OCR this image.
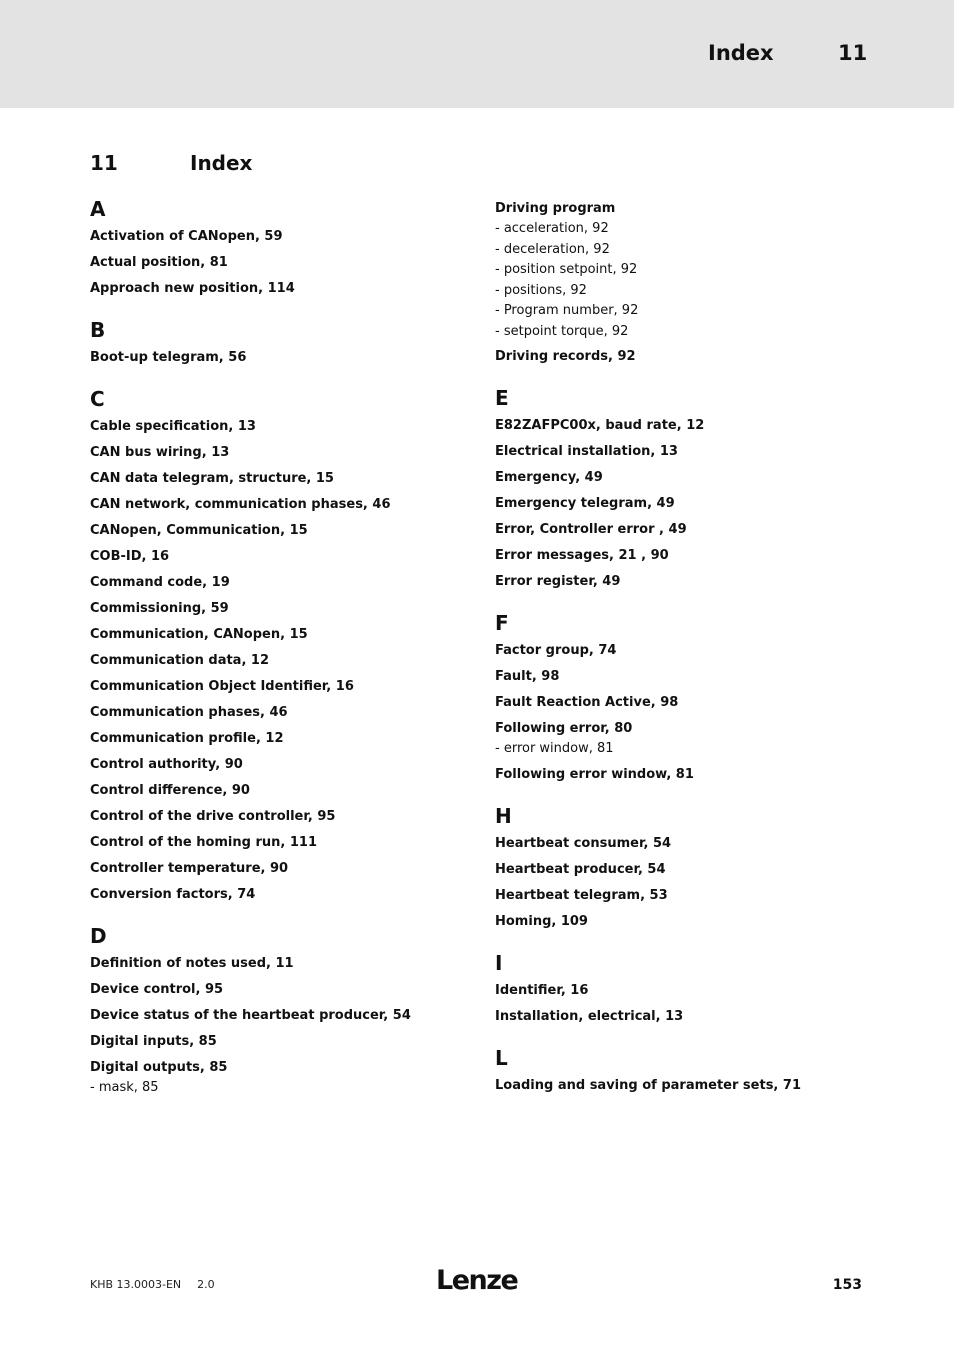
Index	11
11	Index
A
Activation of CANopen, 59
Actual position, 81
Approach new position, 114
B
Boot-up telegram, 56
C
Cable specification, 13
CAN bus wiring, 13
CAN data telegram, structure, 15
CAN network, communication phases, 46
CANopen, Communication, 15
COB-ID, 16
Command code, 19
Commissioning, 59
Communication, CANopen, 15
Communication data, 12
Communication Object Identifier, 16
Communication phases, 46
Communication profile, 12
Control authority, 90
Control difference, 90
Control of the drive controller, 95
Control of the homing run, 111
Controller temperature, 90
Conversion factors, 74
D
Definition of notes used, 11
Device control, 95
Device status of the heartbeat producer, 54
Digital inputs, 85
Digital outputs, 85
- mask, 85
Driving program
- acceleration, 92
- deceleration, 92
- position setpoint, 92
- positions, 92
- Program number, 92
- setpoint torque, 92
Driving records, 92
E
E82ZAFPC00x, baud rate, 12
Electrical installation, 13
Emergency, 49
Emergency telegram, 49
Error, Controller error , 49
Error messages, 21 , 90
Error register, 49
F
Factor group, 74
Fault, 98
Fault Reaction Active, 98
Following error, 80
- error window, 81
Following error window, 81
H
Heartbeat consumer, 54
Heartbeat producer, 54
Heartbeat telegram, 53
Homing, 109
I
Identifier, 16
Installation, electrical, 13
L
Loading and saving of parameter sets, 71
KHB 13.0003-EN 2.0	Lenze	153
